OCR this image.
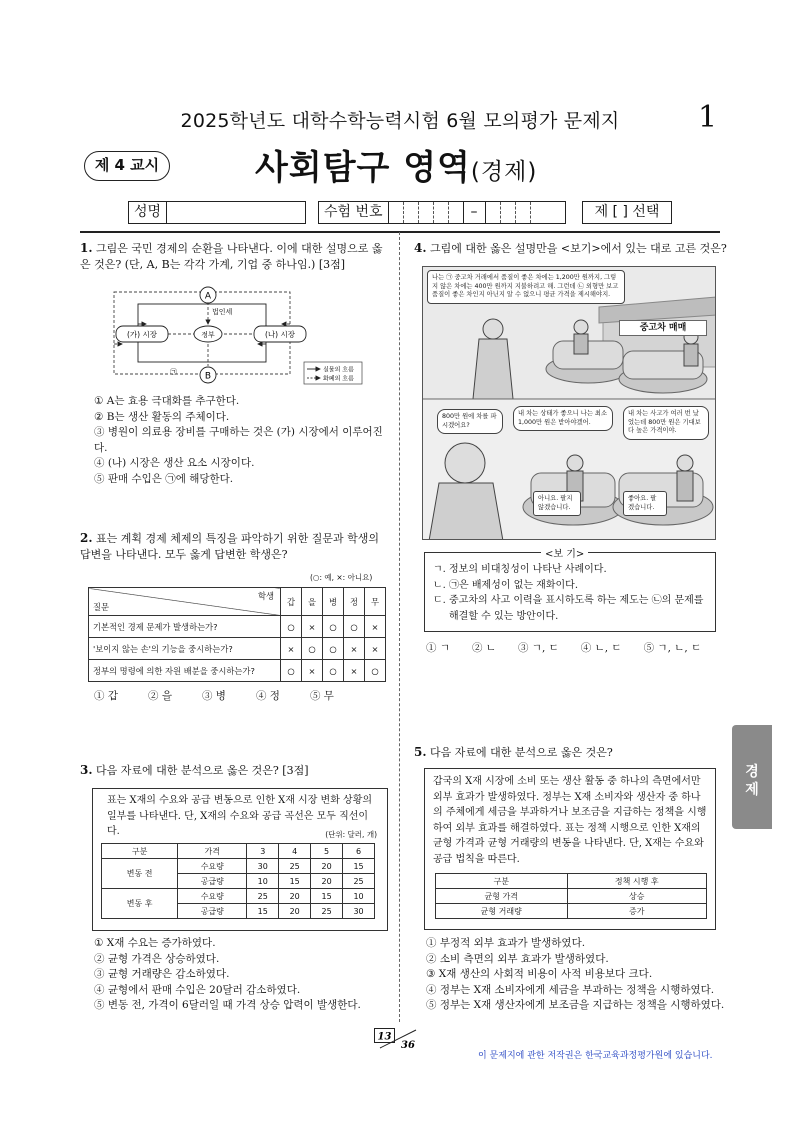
2025학년도 대학수학능력시험 6월 모의평가 문제지	1
제 4 교시	사회탐구 영역(경제)
성명	수험 번호	–	제 [ ] 선택
1. 그림은 국민 경제의 순환을 나타낸다. 이에 대한 설명으로 옳은 것은? (단, A, B는 각각 가계, 기업 중 하나임.) [3점]
A
B
정부
(가) 시장	(나) 시장
법인세
㉠	실물의 흐름
화폐의 흐름
① A는 효용 극대화를 추구한다.
② B는 생산 활동의 주체이다.
③ 병원이 의료용 장비를 구매하는 것은 (가) 시장에서 이루어진다.
④ (나) 시장은 생산 요소 시장이다.
⑤ 판매 수입은 ㉠에 해당한다.
2. 표는 계획 경제 체제의 특징을 파악하기 위한 질문과 학생의 답변을 나타낸다. 모두 옳게 답변한 학생은?
(○: 예, ×: 아니요)
학생
질문	갑	을	병	정	무
기본적인 경제 문제가 발생하는가?	○	×	○	○	×
'보이지 않는 손'의 기능을 중시하는가?	×	○	○	×	×
정부의 명령에 의한 자원 배분을 중시하는가?	○	×	○	×	○
① 갑	② 을	③ 병	④ 정	⑤ 무
3. 다음 자료에 대한 분석으로 옳은 것은? [3점]
표는 X재의 수요와 공급 변동으로 인한 X재 시장 변화 상황의 일부를 나타낸다. 단, X재의 수요와 공급 곡선은 모두 직선이다.	(단위: 달러, 개)
구분	가격	3	4	5	6
변동 전	수요량	30	25	20	15
	공급량	10	15	20	25
변동 후	수요량	25	20	15	10
	공급량	15	20	25	30
① X재 수요는 증가하였다.
② 균형 가격은 상승하였다.
③ 균형 거래량은 감소하였다.
④ 균형에서 판매 수입은 20달러 감소하였다.
⑤ 변동 전, 가격이 6달러일 때 가격 상승 압력이 발생한다.
4. 그림에 대한 옳은 설명만을 <보기>에서 있는 대로 고른 것은?
나는 ㉠ 중고차 거래에서 품질이 좋은 차에는 1,200만 원까지, 그렇지 않은 차에는 400만 원까지 지불하려고 해. 그런데 ㉡ 외형만 보고 품질이 좋은 차인지 아닌지 알 수 없으니 평균 가격을 제시해야지.
중고차 매매
800만 원에 차를 파시겠어요?
내 차는 상태가 좋으니 나는 최소 1,000만 원은 받아야겠어.
내 차는 사고가 여러 번 났었는데 800만 원은 기대보다 높은 가격이야.
아니요. 팔지 않겠습니다.
좋아요. 팔겠습니다.
<보 기>
ㄱ. 정보의 비대칭성이 나타난 사례이다.
ㄴ. ㉠은 배제성이 없는 재화이다.
ㄷ. 중고차의 사고 이력을 표시하도록 하는 제도는 ㉡의 문제를 해결할 수 있는 방안이다.
① ㄱ ② ㄴ ③ ㄱ, ㄷ ④ ㄴ, ㄷ ⑤ ㄱ, ㄴ, ㄷ
5. 다음 자료에 대한 분석으로 옳은 것은?
갑국의 X재 시장에 소비 또는 생산 활동 중 하나의 측면에서만 외부 효과가 발생하였다. 정부는 X재 소비자와 생산자 중 하나의 주체에게 세금을 부과하거나 보조금을 지급하는 정책을 시행하여 외부 효과를 해결하였다. 표는 정책 시행으로 인한 X재의 균형 가격과 균형 거래량의 변동을 나타낸다. 단, X재는 수요와 공급 법칙을 따른다.
구분	정책 시행 후
균형 가격	상승
균형 거래량	증가
① 부정적 외부 효과가 발생하였다.
② 소비 측면의 외부 효과가 발생하였다.
③ X재 생산의 사회적 비용이 사적 비용보다 크다.
④ 정부는 X재 소비자에게 세금을 부과하는 정책을 시행하였다.
⑤ 정부는 X재 생산자에게 보조금을 지급하는 정책을 시행하였다.
경제
13
36
이 문제지에 관한 저작권은 한국교육과정평가원에 있습니다.
